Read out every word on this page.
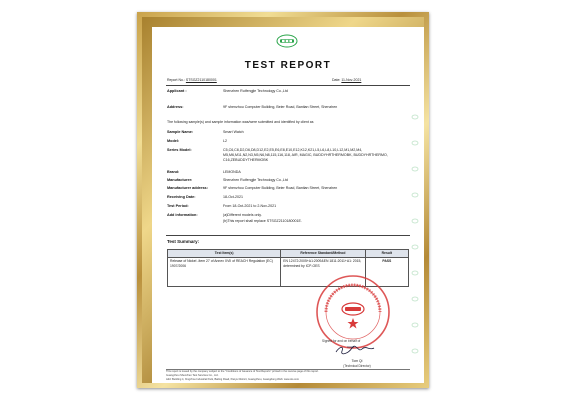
TEST REPORT
Report No.: STSGZ2110180001	Date: 11-Nov-2021
Applicant :	Shenzhen Ruifengjie Technology Co.,Ltd
Address:	9F shenzhou Computer Building, Beier Road, Bantian Street, Shenzhen
The following sample(s) and sample information was/were submitted and identified by client as
Sample Name:	Smart Watch
Model:	L2
Series Model:	C5,C6,C8,D2,D6,D8,D12,E2,E5,E6,E8,E10,E12,K12,K21,L5,L6,L8,L10,L12,M1,M2,M4, M5,M6,M11,N2,N3,N5,N6,N8,115,116,118, AIR, MAGIC, BUDDYHRTHERMOBK, BUDDYHRTHERMO, C16,ZEBUDDYTHERMOBK
Brand:	LEMONDA
Manufacturer:	Shenzhen Ruifengjie Technology Co.,Ltd
Manufacturer address:	9F shenzhou Computer Building, Beier Road, Bantian Street, Shenzhen
Receiving Date:	18-Oct-2021
Test Period:	From 18-Oct-2021 to 2-Nov-2021
Add information:	(a)Different models only.
(b)This report shall replace STSGZ2110180001E.
Test Summary:
Test Item(s)	Reference Standard/Method	Result
Release of Nickel -Item 27 of Annex XVII of REACH Regulation (EC) 1907/2006	EN 12472:2005+A1:2009&EN 1811:2011+A1: 2015, determined by ICP-OES	PASS
Signed for and on behalf of
Tom Qi
(Technical Director)
This report is issued by the company subject to the "Conditions of Issuance of Test Reports" printed in the reverse page of this report.
Guangzhou Shenzhen Test Services Co., Ltd.
Add: Building 4, Xingzhou Industrial Park, Bailing Road, Panyu District, Guangzhou, Guangdong Web: www.sts.com
